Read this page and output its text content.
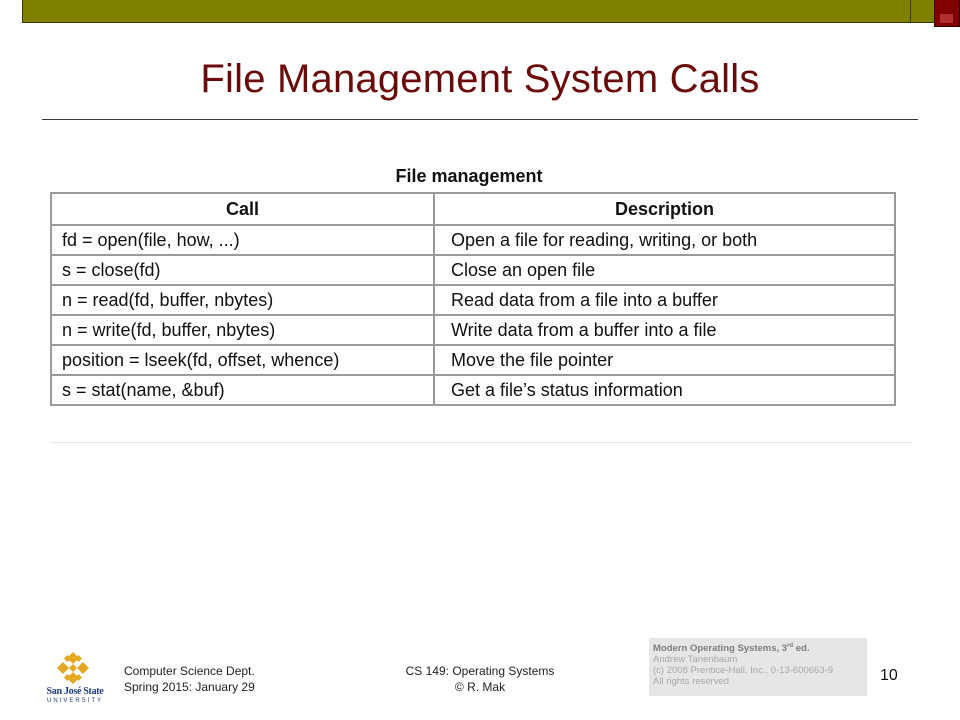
File Management System Calls
File management
Call	Description
fd = open(file, how, ...)	Open a file for reading, writing, or both
s = close(fd)	Close an open file
n = read(fd, buffer, nbytes)	Read data from a file into a buffer
n = write(fd, buffer, nbytes)	Write data from a buffer into a file
position = lseek(fd, offset, whence)	Move the file pointer
s = stat(name, &buf)	Get a file’s status information
San José State
UNIVERSITY
Computer Science Dept.
Spring 2015: January 29
CS 149: Operating Systems
© R. Mak
Modern Operating Systems, 3rd ed.
Andrew Tanenbaum
(c) 2008 Prentice-Hall, Inc.. 0-13-600663-9
All rights reserved	10
